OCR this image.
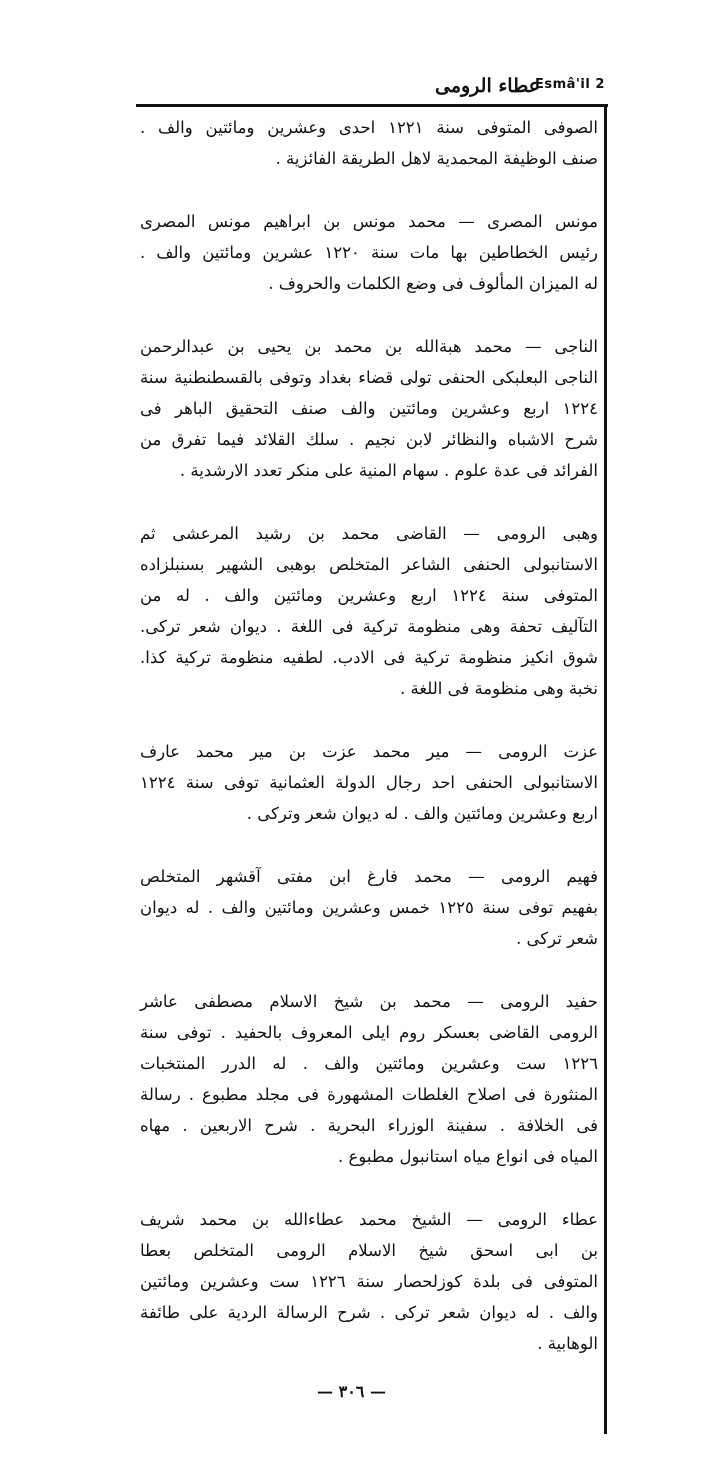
عطاء الرومى
Esmâ'il 2
الصوفى المتوفى سنة ١٢٢١ احدى وعشرين ومائتين والف .
صنف الوظيفة المحمدية لاهل الطريقة الفائزية .
مونس المصرى — محمد مونس بن ابراهيم مونس المصرى
رئيس الخطاطين بها مات سنة ١٢٢٠ عشرين ومائتين والف .
له الميزان المألوف فى وضع الكلمات والحروف .
الناجى — محمد هبةالله بن محمد بن يحيى بن عبدالرحمن
الناجى البعلبكى الحنفى تولى قضاء بغداد وتوفى بالقسطنطنية سنة
١٢٢٤ اربع وعشرين ومائتين والف صنف التحقيق الباهر فى
شرح الاشباه والنظائر لابن نجيم . سلك القلائد فيما تفرق من
الفرائد فى عدة علوم . سهام المنية على منكر تعدد الارشدية .
وهبى الرومى — القاضى محمد بن رشيد المرعشى ثم
الاستانبولى الحنفى الشاعر المتخلص بوهبى الشهير بسنبلزاده
المتوفى سنة ١٢٢٤ اربع وعشرين ومائتين والف . له من
التآليف تحفة وهى منظومة تركية فى اللغة . ديوان شعر تركى.
شوق انكيز منظومة تركية فى الادب. لطفيه منظومة تركية كذا.
نخبة وهى منظومة فى اللغة .
عزت الرومى — مير محمد عزت بن مير محمد عارف
الاستانبولى الحنفى احد رجال الدولة العثمانية توفى سنة ١٢٢٤
اربع وعشرين ومائتين والف . له ديوان شعر وتركى .
فهيم الرومى — محمد فارغ ابن مفتى آقشهر المتخلص
بفهيم توفى سنة ١٢٢٥ خمس وعشرين ومائتين والف . له ديوان
شعر تركى .
حفيد الرومى — محمد بن شيخ الاسلام مصطفى عاشر
الرومى القاضى بعسكر روم ايلى المعروف بالحفيد . توفى سنة
١٢٢٦ ست وعشرين ومائتين والف . له الدرر المنتخبات
المنثورة فى اصلاح الغلطات المشهورة فى مجلد مطبوع . رسالة
فى الخلافة . سفينة الوزراء البحرية . شرح الاربعين . مهاه
المياه فى انواع مياه استانبول مطبوع .
عطاء الرومى — الشيخ محمد عطاءالله بن محمد شريف
بن ابى اسحق شيخ الاسلام الرومى المتخلص بعطا
المتوفى فى بلدة كوزلحصار سنة ١٢٢٦ ست وعشرين ومائتين
والف . له ديوان شعر تركى . شرح الرسالة الردية على طائفة
الوهابية .
— ٣٠٦ —
